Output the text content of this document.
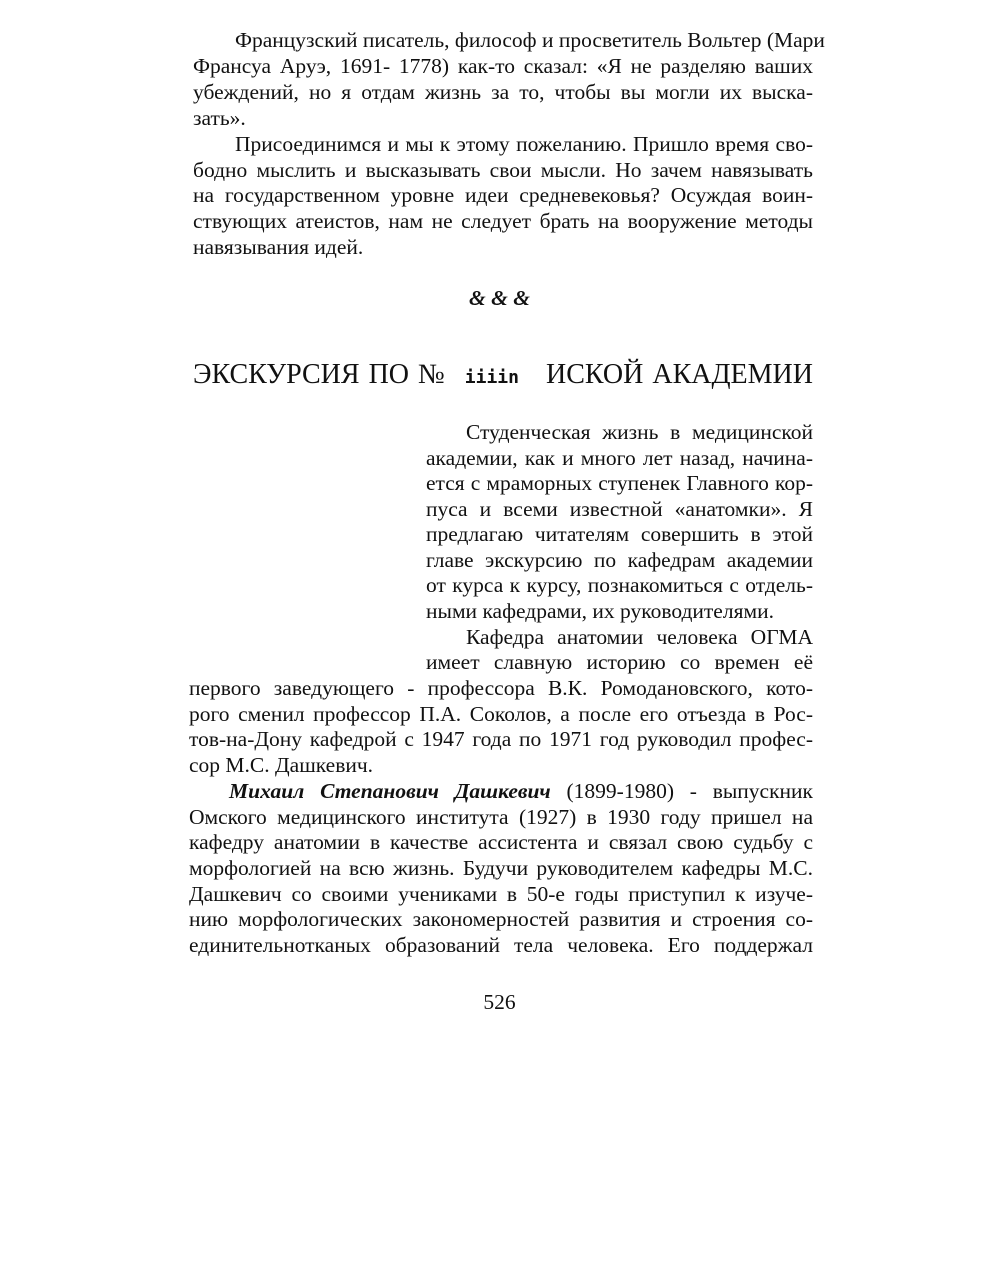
Французский писатель, философ и просветитель Вольтер (Мари

Франсуа Аруэ, 1691- 1778) как-то сказал: «Я не разделяю ваших

убеждений, но я отдам жизнь за то, чтобы вы могли их выска-

зать».

Присоединимся и мы к этому пожеланию. Пришло время сво-

бодно мыслить и высказывать свои мысли. Но зачем навязывать

на государственном уровне идеи средневековья? Осуждая воин-

ствующих атеистов, нам не следует брать на вооружение методы

навязывания идей.

& & &
ЭКСКУРСИЯ ПО № iiiin ИСКОЙ АКАДЕМИИ

Студенческая жизнь в медицинской

академии, как и много лет назад, начина-

ется с мраморных ступенек Главного кор-

пуса и всеми известной «анатомки». Я

предлагаю читателям совершить в этой

главе экскурсию по кафедрам академии

от курса к курсу, познакомиться с отдель-

ными кафедрами, их руководителями.

Кафедра анатомии человека ОГМА

имеет славную историю со времен её

первого заведующего - профессора В.К. Ромодановского, кото-

рого сменил профессор П.А. Соколов, а после его отъезда в Рос-

тов-на-Дону кафедрой с 1947 года по 1971 год руководил профес-

сор М.С. Дашкевич.

Михаил Степанович Дашкевич (1899-1980) - выпускник

Омского медицинского института (1927) в 1930 году пришел на

кафедру анатомии в качестве ассистента и связал свою судьбу с

морфологией на всю жизнь. Будучи руководителем кафедры М.С.

Дашкевич со своими учениками в 50-е годы приступил к изуче-

нию морфологических закономерностей развития и строения со-

единительнотканых образований тела человека. Его поддержал

526
